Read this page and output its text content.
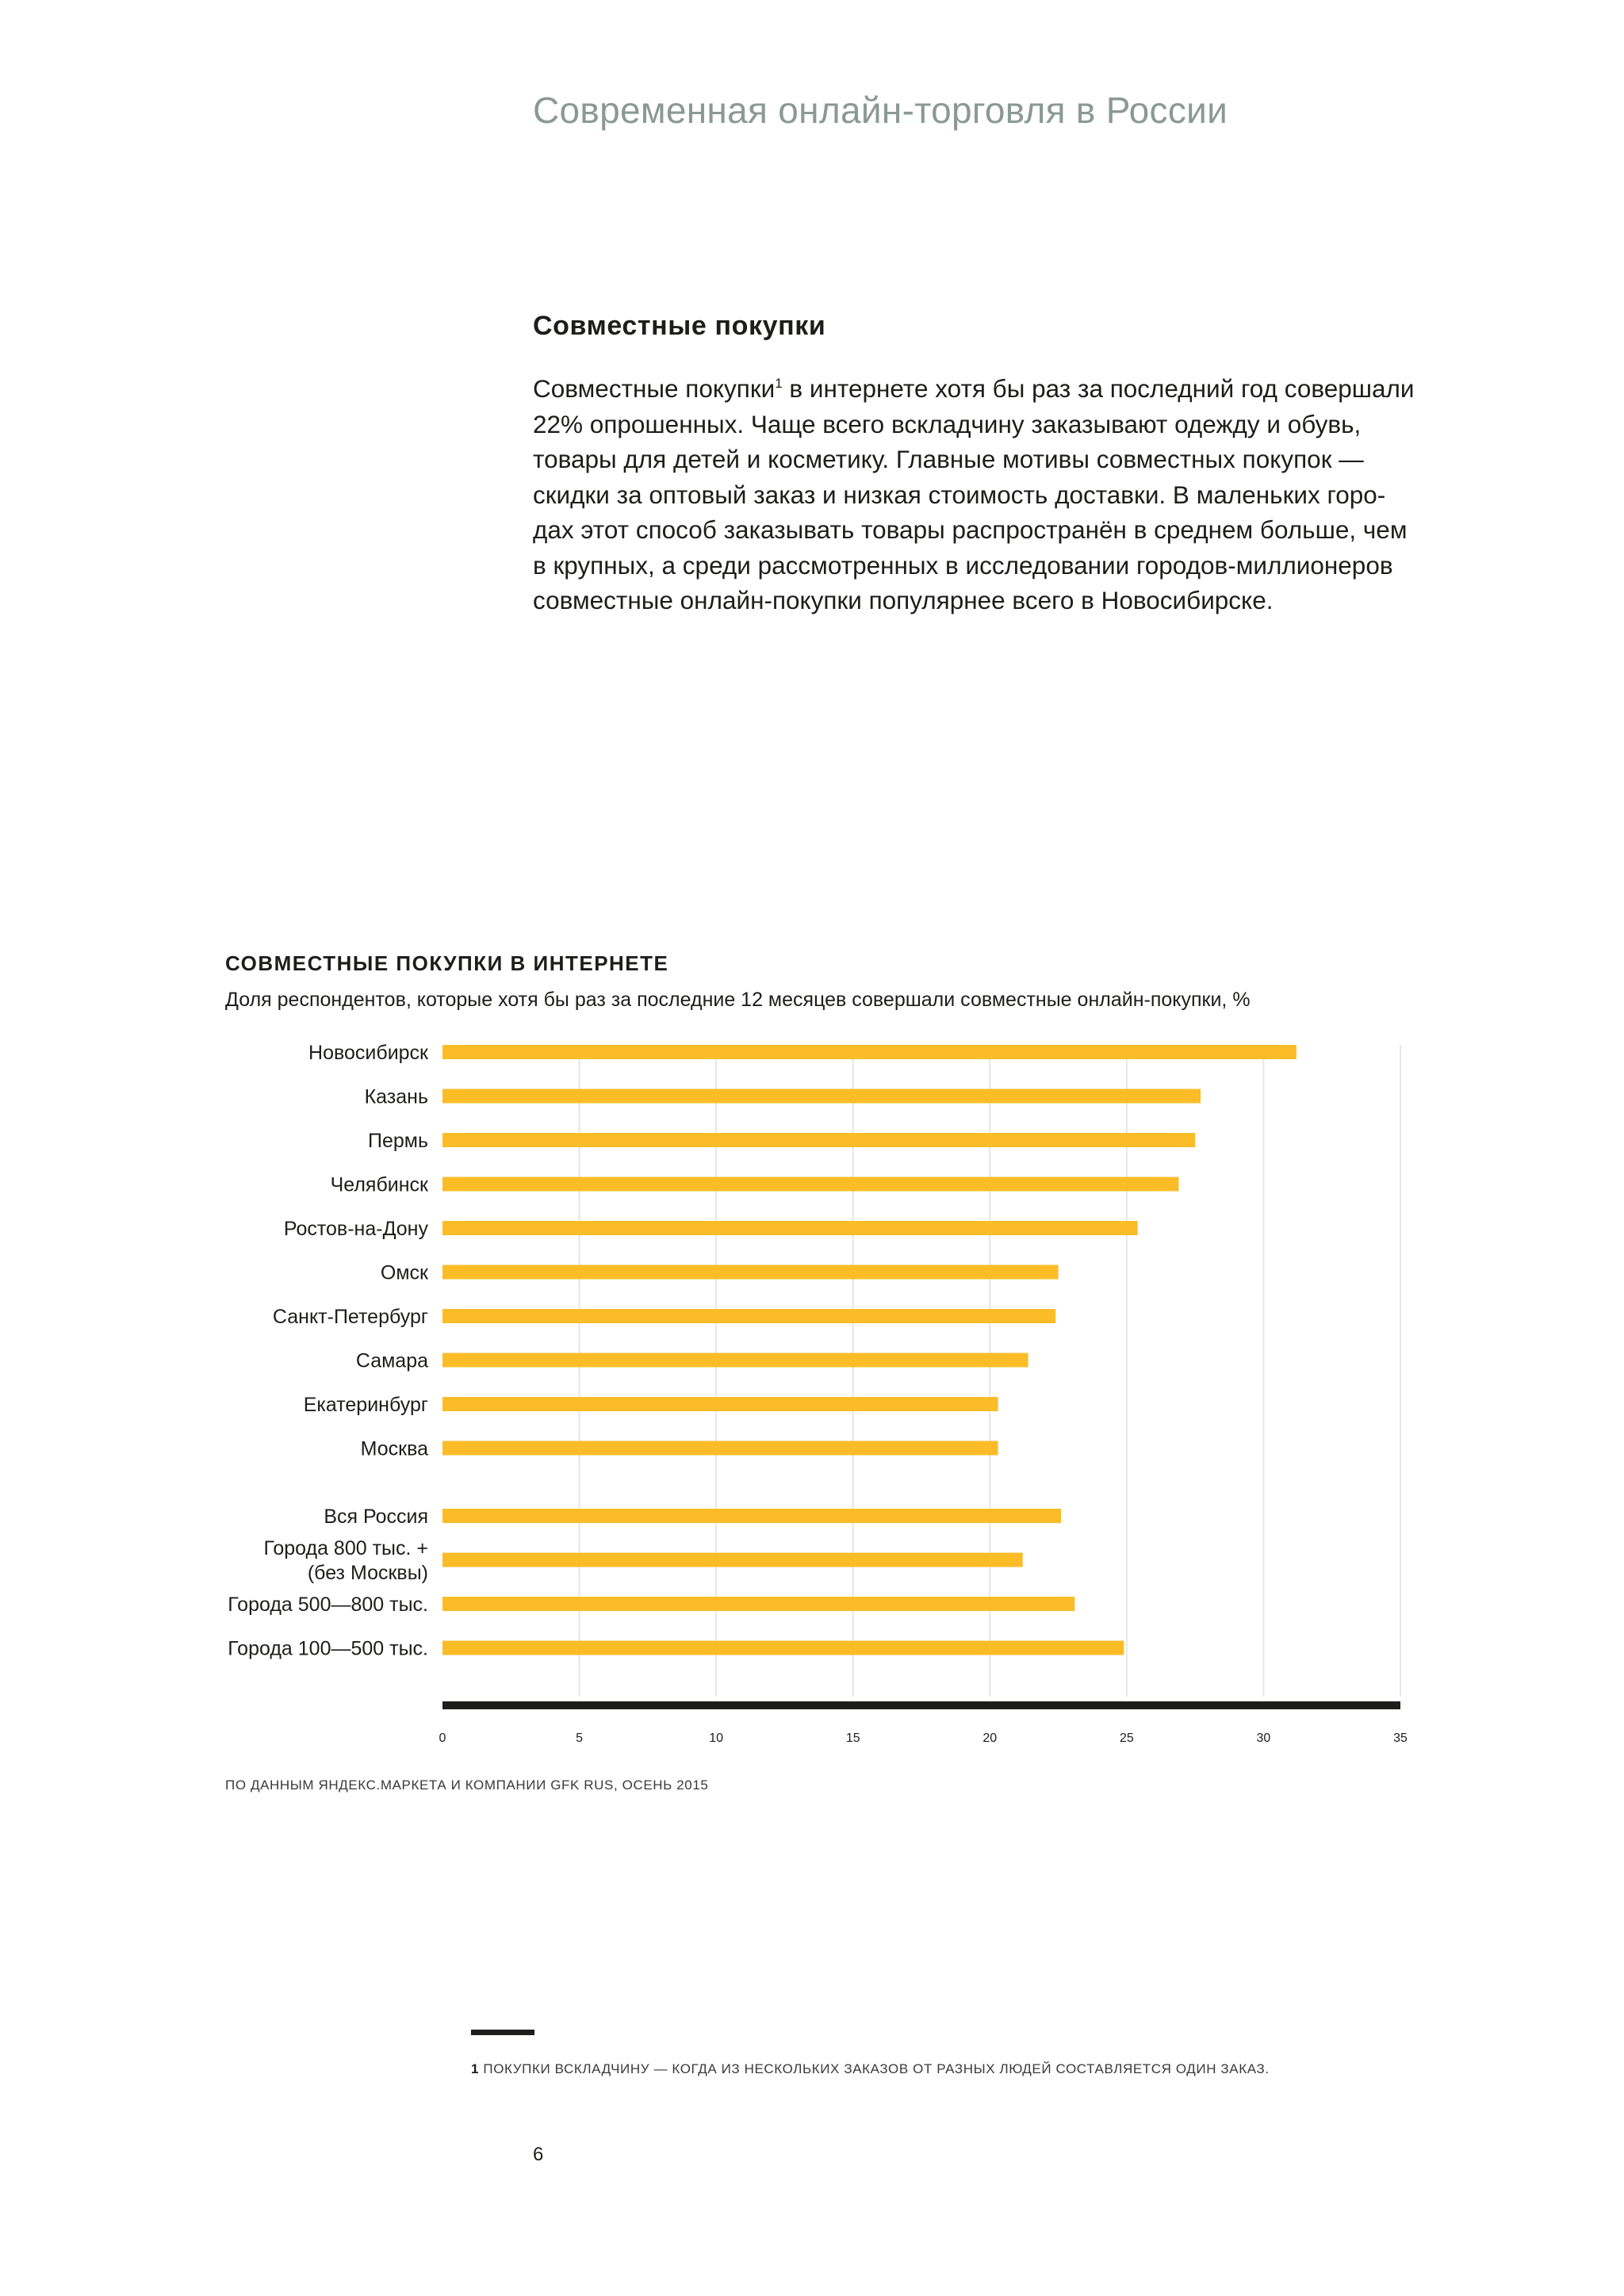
Современная онлайн-торговля в России
Совместные покупки

Совместные покупки$^1$ в интернете хотя бы раз за последний год совершали
22% опрошенных. Чаще всего вскладчину заказывают одежду и обувь,
товары для детей и косметику. Главные мотивы совместных покупок —
скидки за оптовый заказ и низкая стоимость доставки. В маленьких горо-
дах этот способ заказывать товары распространён в среднем больше, чем
в крупных, а среди рассмотренных в исследовании городов-миллионеров
совместные онлайн-покупки популярнее всего в Новосибирске.

СОВМЕСТНЫЕ ПОКУПКИ В ИНТЕРНЕТЕ
Доля респондентов, которые хотя бы раз за последние 12 месяцев совершали совместные онлайн-покупки, %
Новосибирск
Казань
Пермь
Челябинск
Ростов-на-Дону
Омск
Санкт-Петербург
Самара
Екатеринбург
Москва
Вся Россия
Города 800 тыс. + (без Москвы)
Города 500—800 тыс.
Города 100—500 тыс.
0	5	10	15	20	25	30	35
ПО ДАННЫМ ЯНДЕКС.МАРКЕТА И КОМПАНИИ GFK RUS, ОСЕНЬ 2015
1 ПОКУПКИ ВСКЛАДЧИНУ — КОГДА ИЗ НЕСКОЛЬКИХ ЗАКАЗОВ ОТ РАЗНЫХ ЛЮДЕЙ СОСТАВЛЯЕТСЯ ОДИН ЗАКАЗ.
6
